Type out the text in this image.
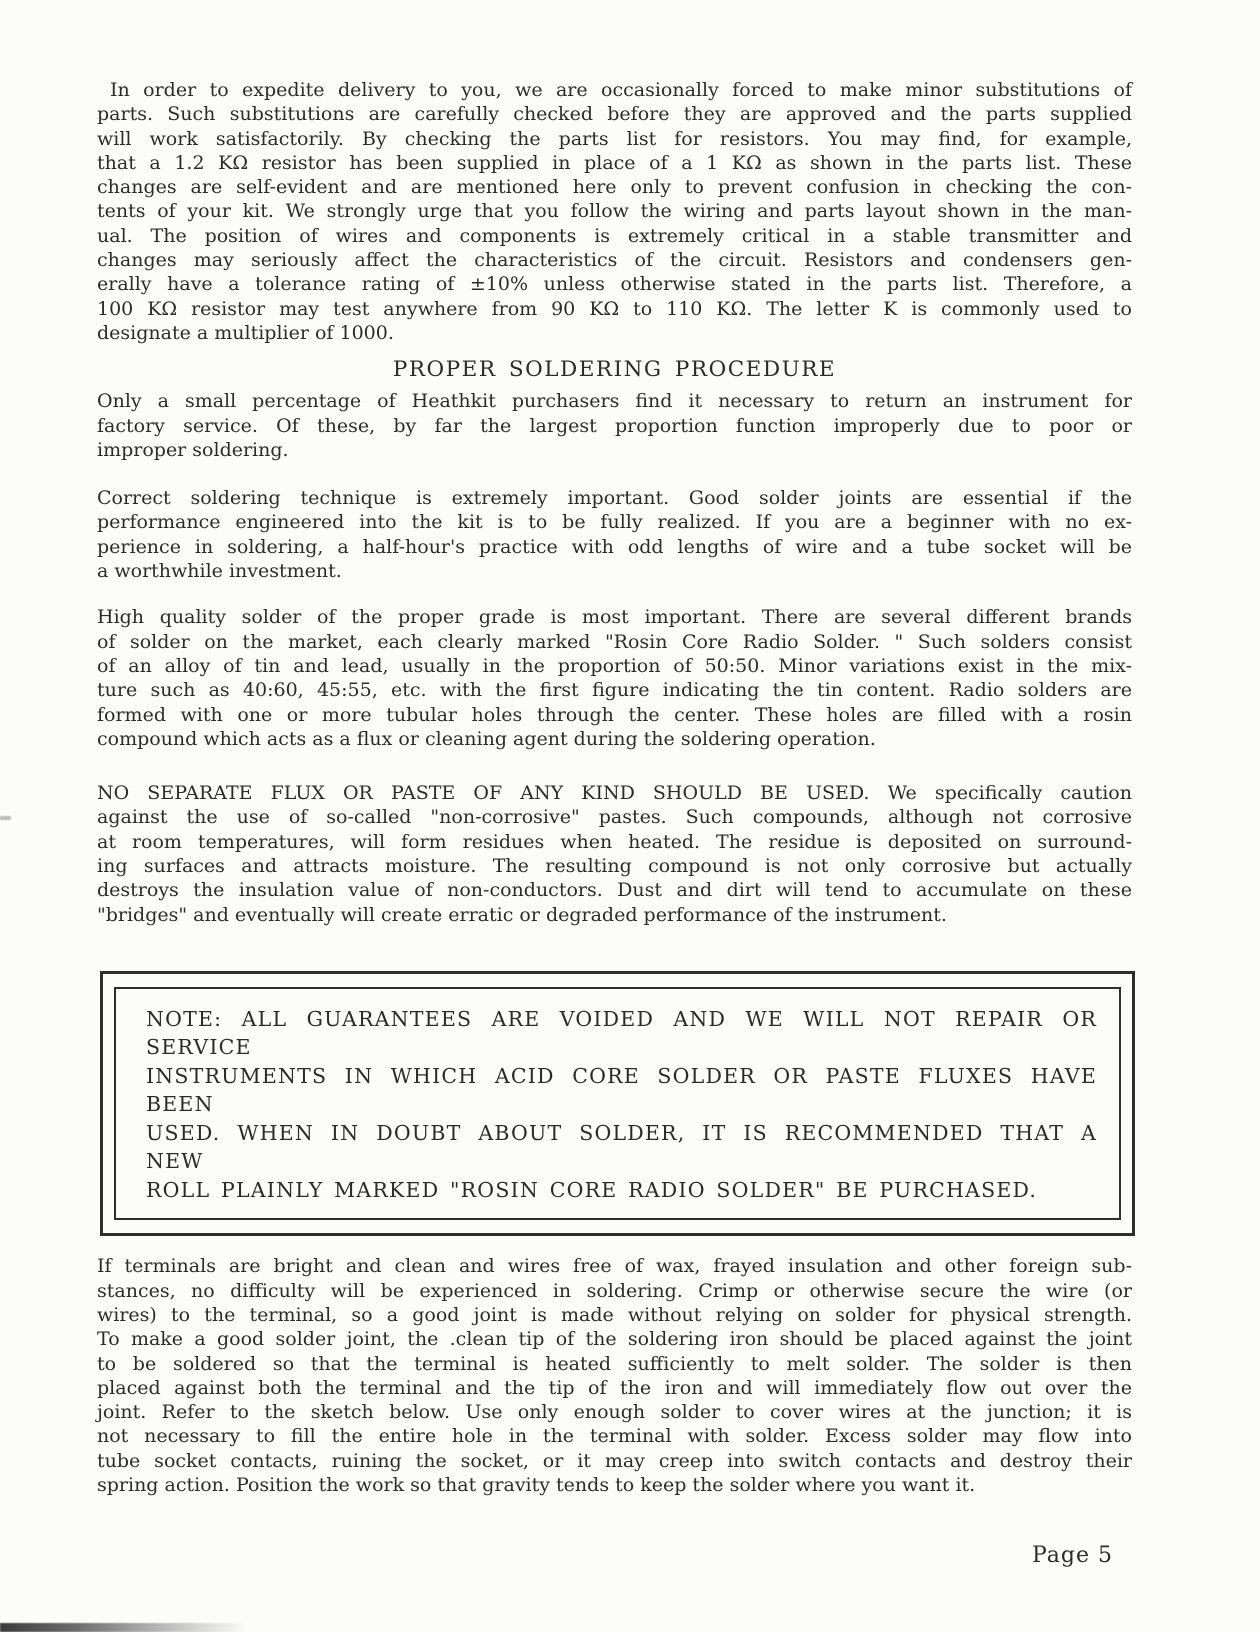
In order to expedite delivery to you, we are occasionally forced to make minor substitutions of
parts. Such substitutions are carefully checked before they are approved and the parts supplied
will work satisfactorily. By checking the parts list for resistors. You may find, for example,
that a 1.2 KΩ resistor has been supplied in place of a 1 KΩ as shown in the parts list. These
changes are self-evident and are mentioned here only to prevent confusion in checking the con-
tents of your kit. We strongly urge that you follow the wiring and parts layout shown in the man-
ual. The position of wires and components is extremely critical in a stable transmitter and
changes may seriously affect the characteristics of the circuit. Resistors and condensers gen-
erally have a tolerance rating of ±10% unless otherwise stated in the parts list. Therefore, a
100 KΩ resistor may test anywhere from 90 KΩ to 110 KΩ. The letter K is commonly used to
designate a multiplier of 1000.
PROPER SOLDERING PROCEDURE
Only a small percentage of Heathkit purchasers find it necessary to return an instrument for
factory service. Of these, by far the largest proportion function improperly due to poor or
improper soldering.
Correct soldering technique is extremely important. Good solder joints are essential if the
performance engineered into the kit is to be fully realized. If you are a beginner with no ex-
perience in soldering, a half-hour's practice with odd lengths of wire and a tube socket will be
a worthwhile investment.
High quality solder of the proper grade is most important. There are several different brands
of solder on the market, each clearly marked "Rosin Core Radio Solder. " Such solders consist
of an alloy of tin and lead, usually in the proportion of 50:50. Minor variations exist in the mix-
ture such as 40:60, 45:55, etc. with the first figure indicating the tin content. Radio solders are
formed with one or more tubular holes through the center. These holes are filled with a rosin
compound which acts as a flux or cleaning agent during the soldering operation.
NO SEPARATE FLUX OR PASTE OF ANY KIND SHOULD BE USED. We specifically caution
against the use of so-called "non-corrosive" pastes. Such compounds, although not corrosive
at room temperatures, will form residues when heated. The residue is deposited on surround-
ing surfaces and attracts moisture. The resulting compound is not only corrosive but actually
destroys the insulation value of non-conductors. Dust and dirt will tend to accumulate on these
"bridges" and eventually will create erratic or degraded performance of the instrument.
NOTE: ALL GUARANTEES ARE VOIDED AND WE WILL NOT REPAIR OR SERVICE
INSTRUMENTS IN WHICH ACID CORE SOLDER OR PASTE FLUXES HAVE BEEN
USED. WHEN IN DOUBT ABOUT SOLDER, IT IS RECOMMENDED THAT A NEW
ROLL PLAINLY MARKED "ROSIN CORE RADIO SOLDER" BE PURCHASED.
If terminals are bright and clean and wires free of wax, frayed insulation and other foreign sub-
stances, no difficulty will be experienced in soldering. Crimp or otherwise secure the wire (or
wires) to the terminal, so a good joint is made without relying on solder for physical strength.
To make a good solder joint, the .clean tip of the soldering iron should be placed against the joint
to be soldered so that the terminal is heated sufficiently to melt solder. The solder is then
placed against both the terminal and the tip of the iron and will immediately flow out over the
joint. Refer to the sketch below. Use only enough solder to cover wires at the junction; it is
not necessary to fill the entire hole in the terminal with solder. Excess solder may flow into
tube socket contacts, ruining the socket, or it may creep into switch contacts and destroy their
spring action. Position the work so that gravity tends to keep the solder where you want it.
Page 5
